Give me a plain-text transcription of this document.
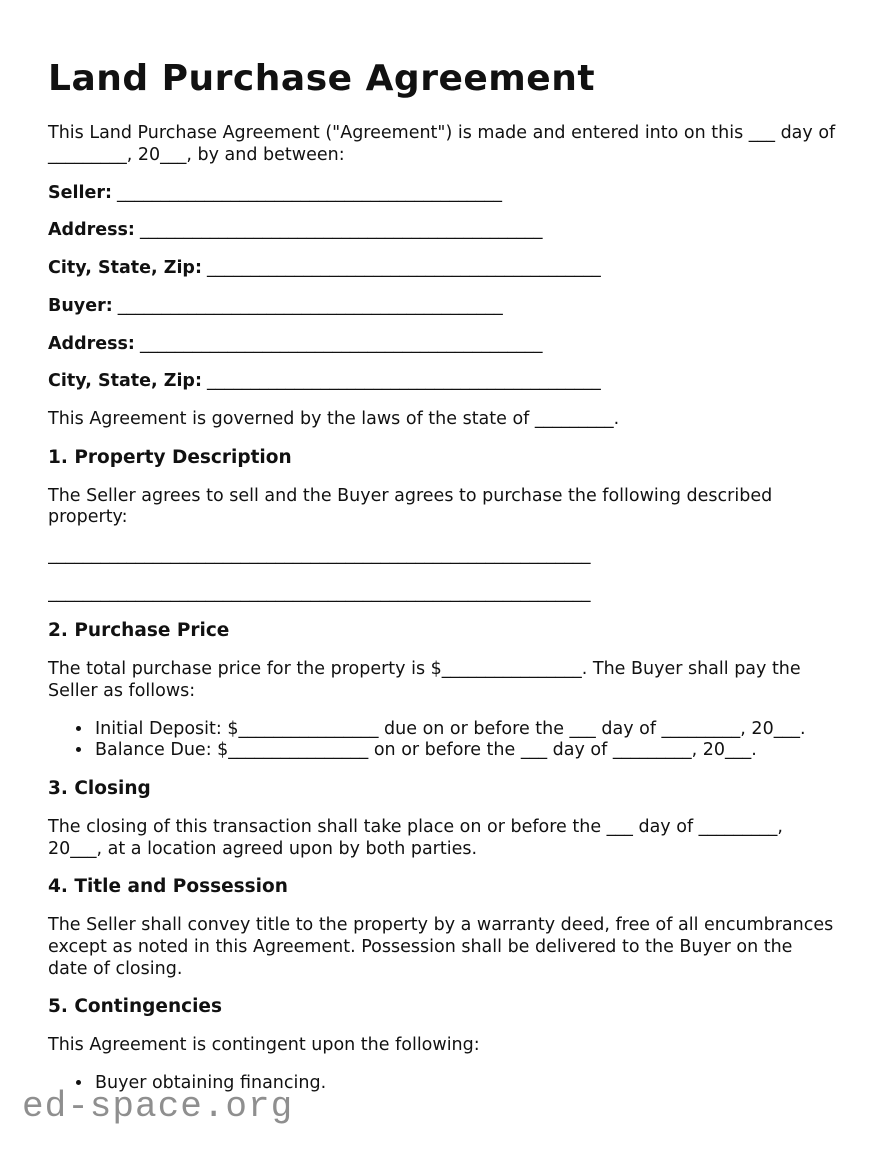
Land Purchase Agreement

This Land Purchase Agreement ("Agreement") is made and entered into on this ___ day of _________, 20___, by and between:

Seller: ____________________________________________

Address: ______________________________________________

City, State, Zip: _____________________________________________

Buyer: ____________________________________________

Address: ______________________________________________

City, State, Zip: _____________________________________________

This Agreement is governed by the laws of the state of _________.

1. Property Description

The Seller agrees to sell and the Buyer agrees to purchase the following described property:

______________________________________________________________

______________________________________________________________

2. Purchase Price

The total purchase price for the property is $________________. The Buyer shall pay the Seller as follows:

• Initial Deposit: $________________ due on or before the ___ day of _________, 20___.
• Balance Due: $________________ on or before the ___ day of _________, 20___.
3. Closing

The closing of this transaction shall take place on or before the ___ day of _________, 20___, at a location agreed upon by both parties.

4. Title and Possession

The Seller shall convey title to the property by a warranty deed, free of all encumbrances except as noted in this Agreement. Possession shall be delivered to the Buyer on the date of closing.

5. Contingencies

This Agreement is contingent upon the following:

• Buyer obtaining financing.
ed-space.org
